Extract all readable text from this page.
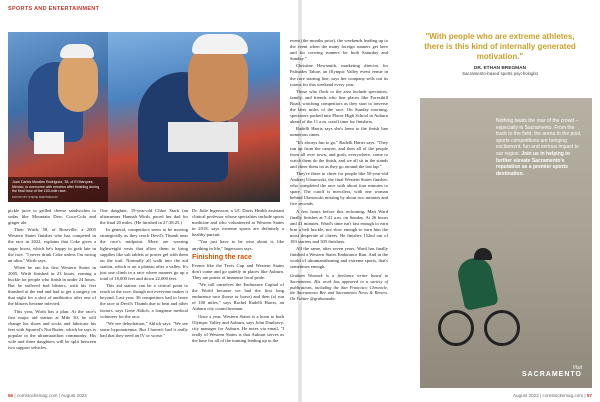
SPORTS AND ENTERTAINMENT
Juan Carlos Morales Rodriguez, 36, of El Marques, Mexico, is overcome with emotion after finishing during the final hour of the 100-mile race.
PHOTO BY STEVE MARTARANO

pickle juice to grilled cheese sandwiches to sodas like Mountain Dew, Coca-Cola and ginger ale.

Their Wirth, 58, of Roseville, a 2005 Western States finisher who has competed in the race in 2022, explains that Coke gives a sugar boost, which he's happy to grab late in the race. "I never drink Coke unless I'm racing an ultra," Wirth says.

When he ran his first Western States in 2005, Wirth finished in 23 hours, earning a buckle for people who finish in under 24 hours. But he suffered bad blisters, with his feet thrashed at the end and had to get a surgery on that night for a shot of antibiotics after one of the blisters became infected.

This year, Wirth has a plan. At the race's first major aid station at Mile 30, he will change his shoes and socks and lubricate his feet with Squirrel's Nut Butter, which he says is popular in the ultramarathon community. His wife and three daughters will be split between two support vehicles.

One daughter, 19-year-old Chloe Stark (an ultrarunner Hannah Wirth, paced her dad for the final 20 miles. (He finished in 27:38:25.)

In general, competitors seem to be moving strategically as they reach Devil's Thumb near the race's midpoint. More are wearing lightweight vests that allow them to bring supplies like salt tablets or power gel with them on the trail. Normally all walk into the aid station, which is on a plateau after a valley. It's just one climb in a race where runners go up a total of 18,000 feet and down 22,000 feet.

This aid station can be a critical point to reach in the race, though not everyone makes it beyond. Last year, 36 competitors had to leave the race at Devil's Thumb due to heat and other factors, says Gene Ablich, a longtime medical volunteer for the race.

"We see dehydration," Ablich says. "We see some hyponatremia. But I haven't had it really bad that they need an IV or worse."

Dr. Julie Ingersoon, a UC Davis Health assistant clinical professor whose specialties include sports medicine and who volunteered at Western States in 2018, says extreme sports are definitely a healthy pursuit.

"You just have to be wise about it, like anything in life," Ingersoon says.

Finishing the race

Events like the Tevis Cup and Western States don't come and go quietly in places like Auburn. They are points of immense local pride.

"We call ourselves the Endurance Capital of the World because we had the first long endurance race (horse or horse) and then (a) run of 100 miles," says Rachel Radelli Harris, an Auburn city councilwoman.

Once a year, Western States is a boon to both Olympic Valley and Auburn, says John Dunleavy, city manager for Auburn. He notes via email, "I really of Western States is that Auburn serves as the base for all of the training leading up to the

56 | comstocksmag.com | August 2022

event (the months prior), the weekends leading up to the event when the many foreign runners get here and for crewing runners for both Saturday and Sunday."

Christine Hewsmith, marketing director for Palisades Tahoe, an Olympic Valley event venue in the race starting line, says her company sells out its rooms for this weekend every year.

Those who flock to the area include spectators, family, and friends who line places like Foresthill Road, watching competitors as they start to traverse the later miles of the race. On Sunday morning, spectators packed into Placer High School in Auburn ahead of the 11 a.m. cutoff time for finishers.

Radelli Harris says she's been to the finish line numerous times.

"It's always fun to go," Radelli Harris says. "They run up from the canyon, and then all of the people from all over town, and gosh, everywhere, come to watch them do the finish, and we all sit in the stands and cheer them on as they go around the last lap."

They're there to cheer for people like 50-year-old Andrzej Ulanowski, the final Western States finisher, who completed the race with about four minutes to spare. The cutoff is merciless, with one woman behind Ulanowski missing by about two minutes and five seconds.

A few hours before this reckoning, Matt Ward finally finishes at 7:41 a.m. on Sunday. At 26 hours and 41 minutes, Ward's time isn't fast enough to earn him a belt buckle, not slow enough to earn him the most desperate of cheers. He finishes 152nd out of 183 starters and 305 finishers.

All the same, after seven years, Ward has finally finished a Western States Endurance Run. And in the world of ultramarathoning and extreme sports, that's sometimes enough.

Graham Womack is a freelance writer based in Sacramento. His work has appeared in a variety of publications, including the San Francisco Chronicle, the Sacramento Bee and Sacramento News & Review. On Twitter @grahamadw.
"With people who are extreme athletes, there is this kind of internally generated motivation."
DR. ETHAN BREGMAN
Sacramento-based sports psychologist
Nothing beats the roar of the crowd – especially in Sacramento. From the track to the field, the arena to the pool, sports competitions are bringing excitement, fun and serious impact to our region. Join us in helping to further elevate Sacramento's reputation as a premier sports destination.
Visit
SACRAMENTO
August 2022 | comstocksmag.com | 57
